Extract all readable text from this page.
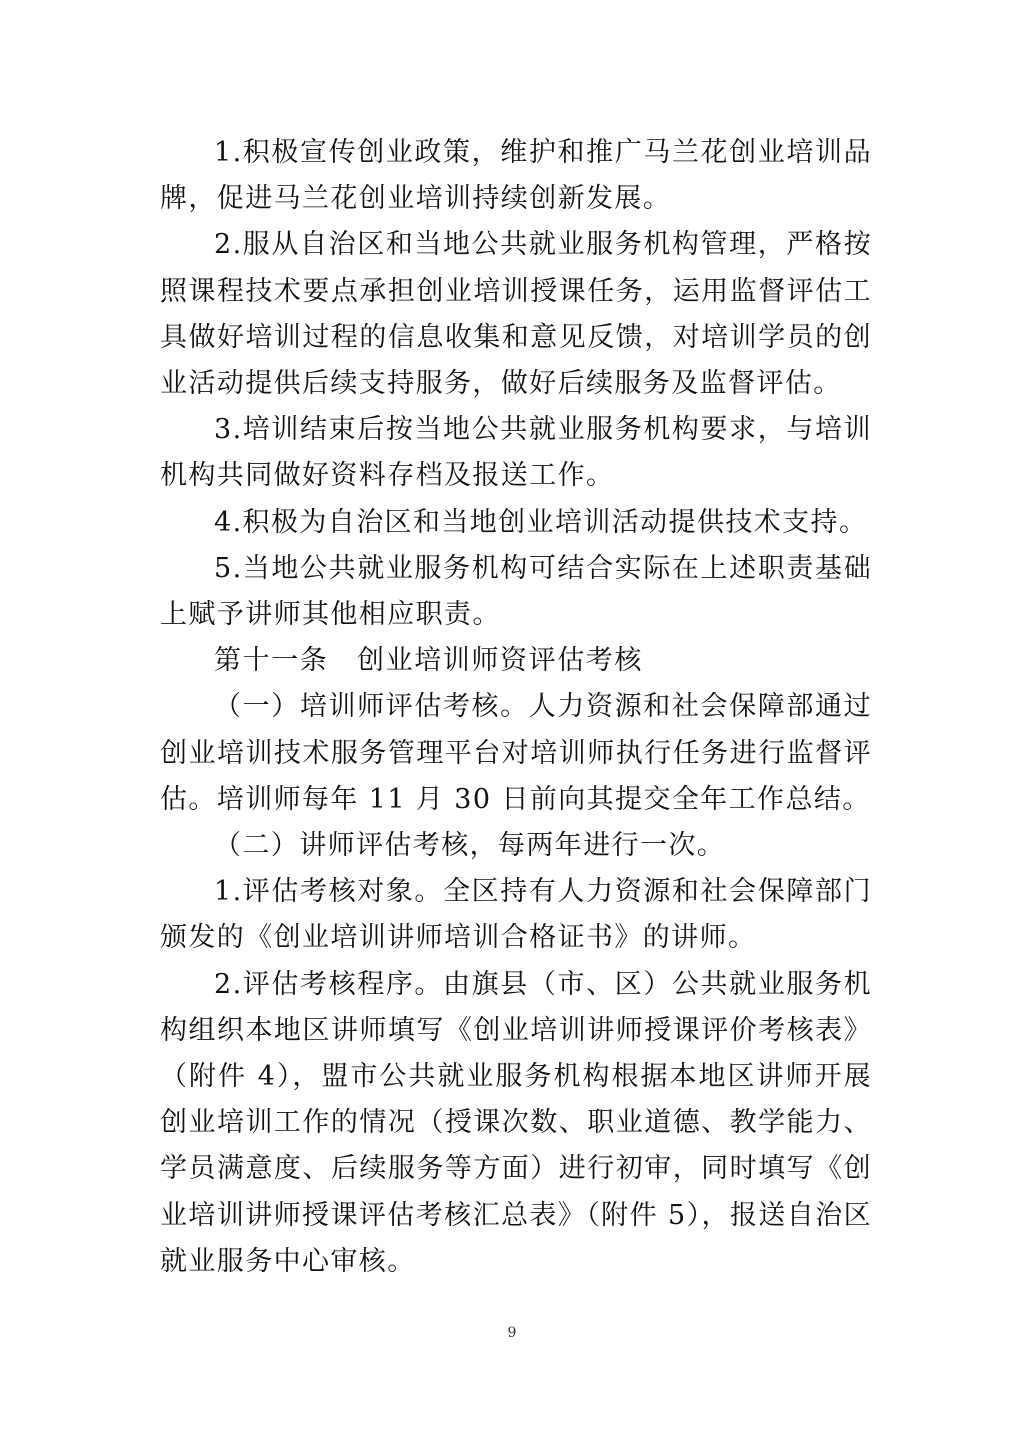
1.积极宣传创业政策，维护和推广马兰花创业培训品牌，促进马兰花创业培训持续创新发展。

2.服从自治区和当地公共就业服务机构管理，严格按照课程技术要点承担创业培训授课任务，运用监督评估工具做好培训过程的信息收集和意见反馈，对培训学员的创业活动提供后续支持服务，做好后续服务及监督评估。

3.培训结束后按当地公共就业服务机构要求，与培训机构共同做好资料存档及报送工作。

4.积极为自治区和当地创业培训活动提供技术支持。

5.当地公共就业服务机构可结合实际在上述职责基础上赋予讲师其他相应职责。

第十一条　创业培训师资评估考核

（一）培训师评估考核。人力资源和社会保障部通过创业培训技术服务管理平台对培训师执行任务进行监督评估。培训师每年 11 月 30 日前向其提交全年工作总结。

（二）讲师评估考核，每两年进行一次。

1.评估考核对象。全区持有人力资源和社会保障部门颁发的《创业培训讲师培训合格证书》的讲师。

2.评估考核程序。由旗县（市、区）公共就业服务机构组织本地区讲师填写《创业培训讲师授课评价考核表》（附件 4），盟市公共就业服务机构根据本地区讲师开展创业培训工作的情况（授课次数、职业道德、教学能力、学员满意度、后续服务等方面）进行初审，同时填写《创业培训讲师授课评估考核汇总表》（附件 5），报送自治区就业服务中心审核。

9
